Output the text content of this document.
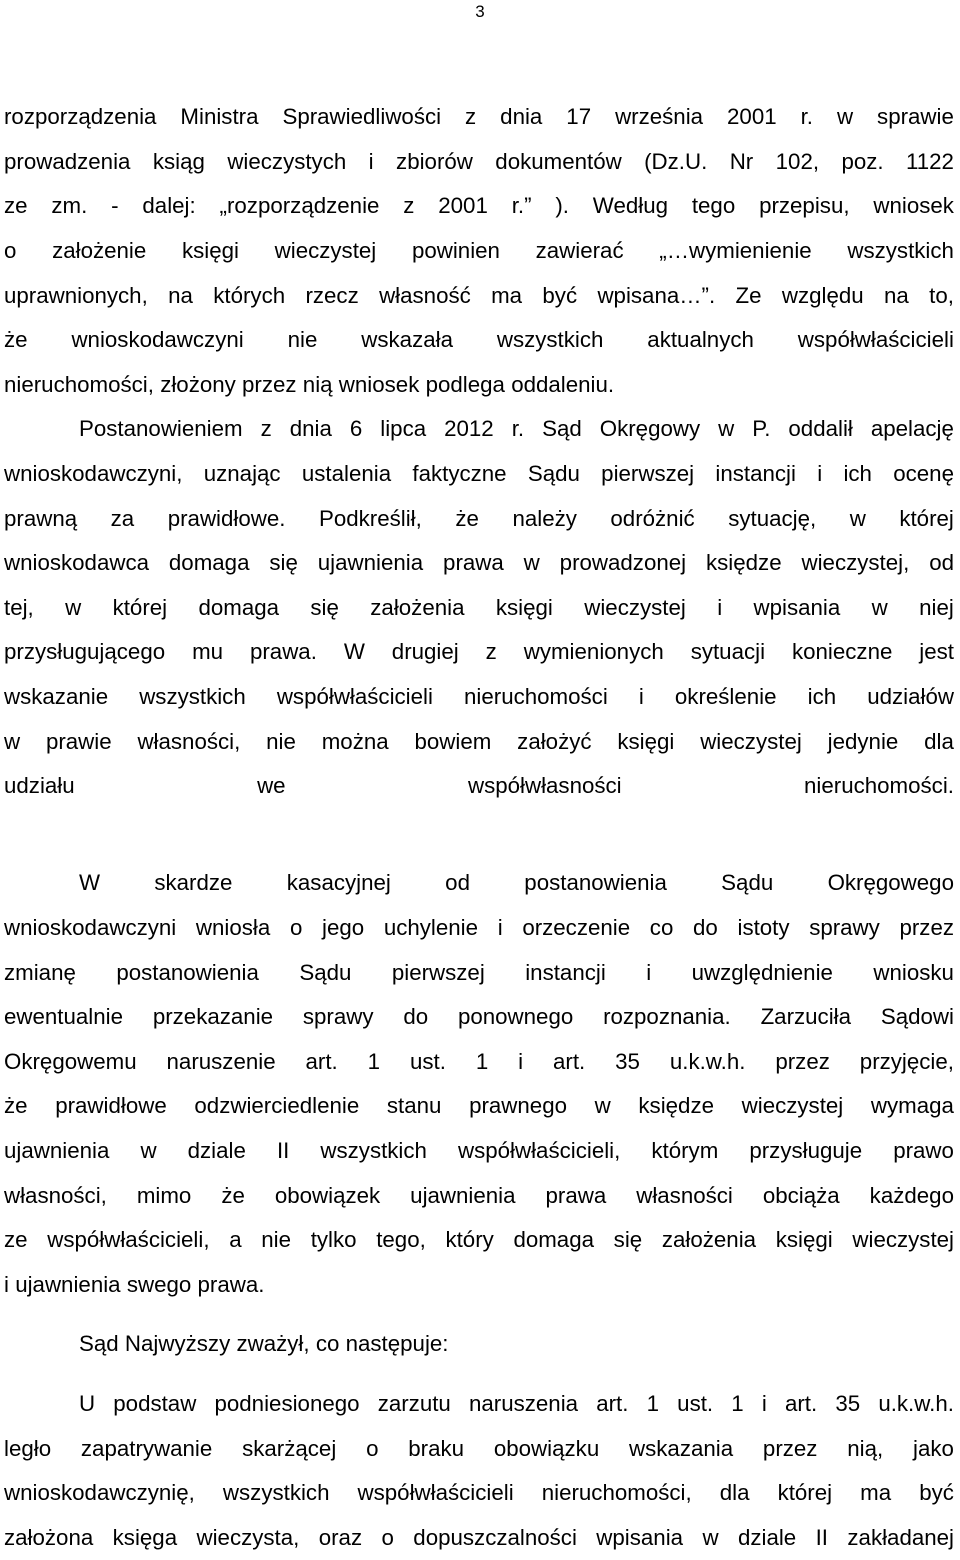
3
rozporządzenia Ministra Sprawiedliwości z dnia 17 września 2001 r. w sprawie
prowadzenia ksiąg wieczystych i zbiorów dokumentów (Dz.U. Nr 102, poz. 1122
ze zm. - dalej: „rozporządzenie z 2001 r.” ). Według tego przepisu, wniosek
o założenie księgi wieczystej powinien zawierać „…wymienienie wszystkich
uprawnionych, na których rzecz własność ma być wpisana…”. Ze względu na to,
że wnioskodawczyni nie wskazała wszystkich aktualnych współwłaścicieli
nieruchomości, złożony przez nią wniosek podlega oddaleniu.
Postanowieniem z dnia 6 lipca 2012 r. Sąd Okręgowy w P. oddalił apelację
wnioskodawczyni, uznając ustalenia faktyczne Sądu pierwszej instancji i ich ocenę
prawną za prawidłowe. Podkreślił, że należy odróżnić sytuację, w której
wnioskodawca domaga się ujawnienia prawa w prowadzonej księdze wieczystej, od
tej, w której domaga się założenia księgi wieczystej i wpisania w niej
przysługującego mu prawa. W drugiej z wymienionych sytuacji konieczne jest
wskazanie wszystkich współwłaścicieli nieruchomości i określenie ich udziałów
w prawie własności, nie można bowiem założyć księgi wieczystej jedynie dla
udziału	we	współwłasności	nieruchomości.
W skardze kasacyjnej od postanowienia Sądu Okręgowego
wnioskodawczyni wniosła o jego uchylenie i orzeczenie co do istoty sprawy przez
zmianę postanowienia Sądu pierwszej instancji i uwzględnienie wniosku
ewentualnie przekazanie sprawy do ponownego rozpoznania. Zarzuciła Sądowi
Okręgowemu naruszenie art. 1 ust. 1 i art. 35 u.k.w.h. przez przyjęcie,
że prawidłowe odzwierciedlenie stanu prawnego w księdze wieczystej wymaga
ujawnienia w dziale II wszystkich współwłaścicieli, którym przysługuje prawo
własności, mimo że obowiązek ujawnienia prawa własności obciąża każdego
ze współwłaścicieli, a nie tylko tego, który domaga się założenia księgi wieczystej
i ujawnienia swego prawa.
Sąd Najwyższy zważył, co następuje:
U podstaw podniesionego zarzutu naruszenia art. 1 ust. 1 i art. 35 u.k.w.h.
legło zapatrywanie skarżącej o braku obowiązku wskazania przez nią, jako
wnioskodawczynię, wszystkich współwłaścicieli nieruchomości, dla której ma być
założona księga wieczysta, oraz o dopuszczalności wpisania w dziale II zakładanej
